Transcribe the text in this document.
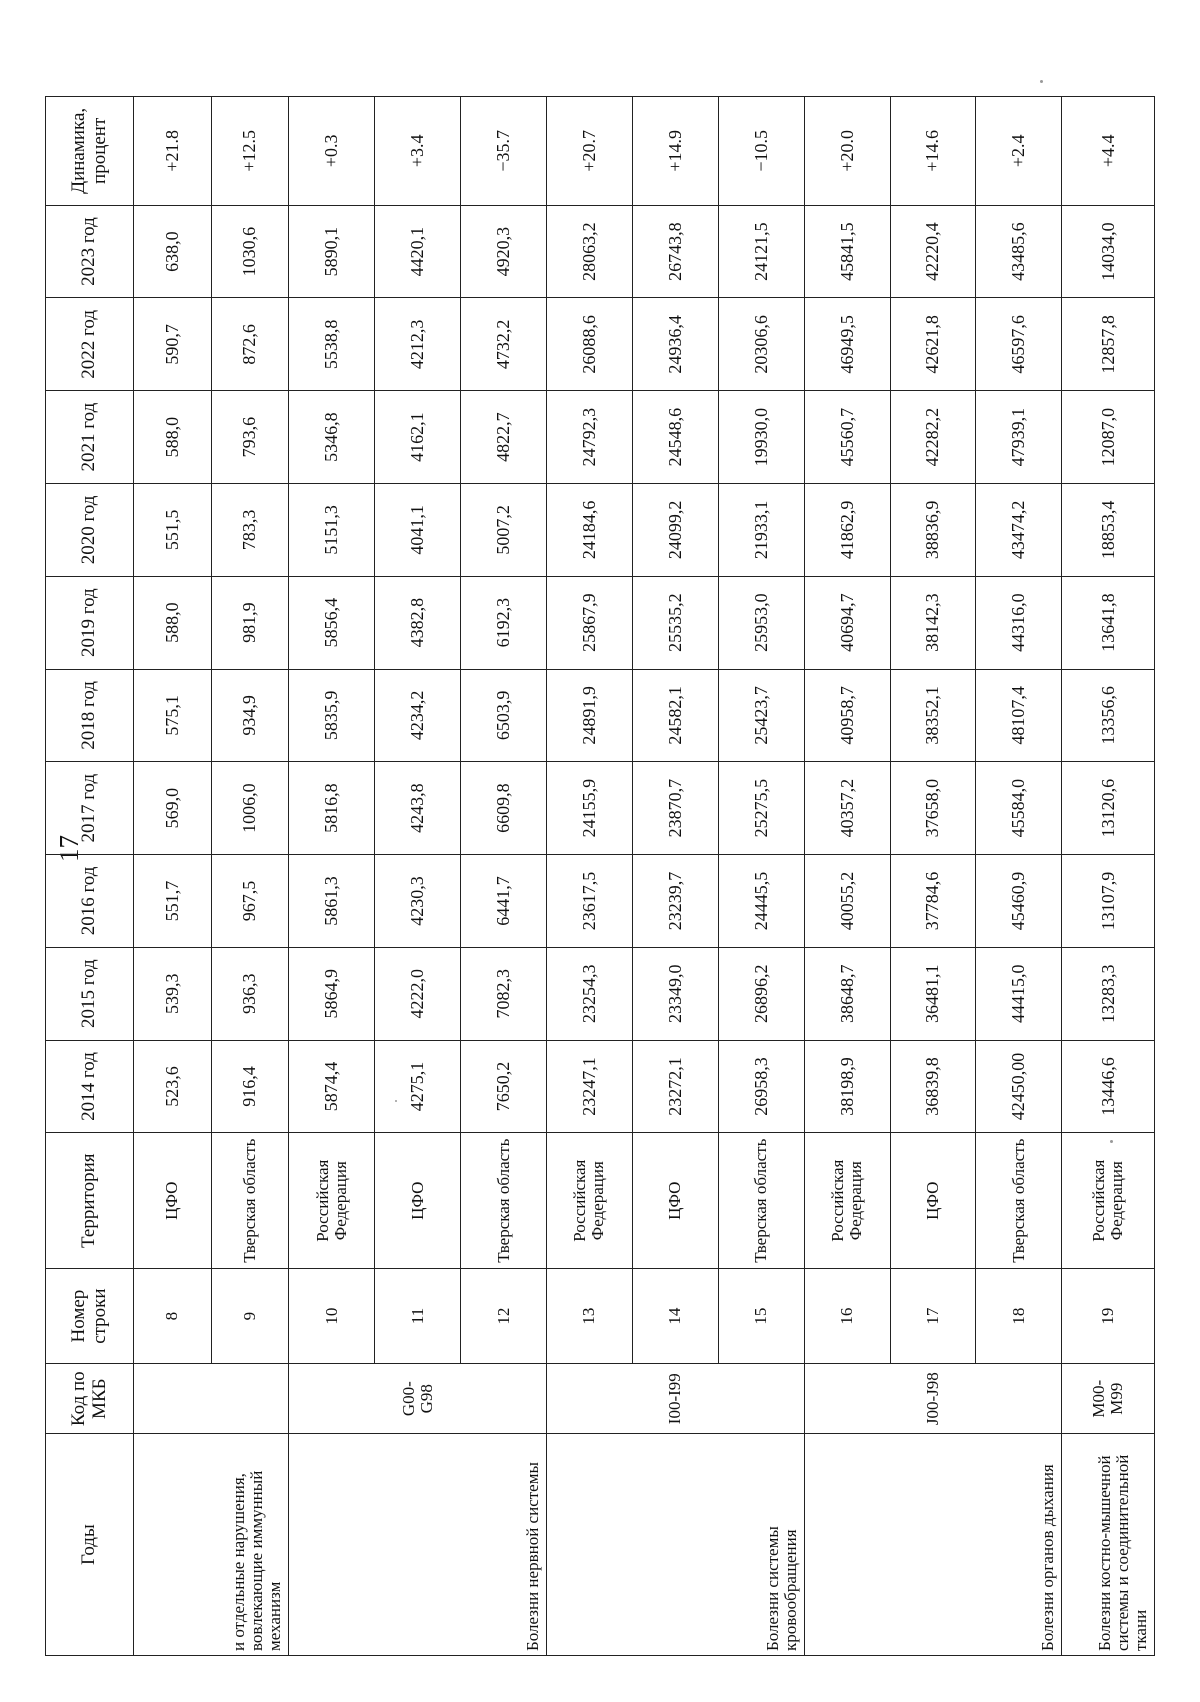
17
Годы	Код по МКБ	Номер строки	Территория	2014 год	2015 год	2016 год	2017 год	2018 год	2019 год	2020 год	2021 год	2022 год	2023 год	Динамика, процент
и отдельные нарушения, вовлекающие иммунный механизм		8	ЦФО	523,6	539,3	551,7	569,0	575,1	588,0	551,5	588,0	590,7	638,0	+21.8
		9	Тверская область	916,4	936,3	967,5	1006,0	934,9	981,9	783,3	793,6	872,6	1030,6	+12.5
Болезни нервной системы	G00-G98	10	Российская Федерация	5874,4	5864,9	5861,3	5816,8	5835,9	5856,4	5151,3	5346,8	5538,8	5890,1	+0.3
		11	ЦФО	4275,1	4222,0	4230,3	4243,8	4234,2	4382,8	4041,1	4162,1	4212,3	4420,1	+3.4
		12	Тверская область	7650,2	7082,3	6441,7	6609,8	6503,9	6192,3	5007,2	4822,7	4732,2	4920,3	−35.7
Болезни системы кровообращения	I00-I99	13	Российская Федерация	23247,1	23254,3	23617,5	24155,9	24891,9	25867,9	24184,6	24792,3	26088,6	28063,2	+20.7
		14	ЦФО	23272,1	23349,0	23239,7	23870,7	24582,1	25535,2	24099,2	24548,6	24936,4	26743,8	+14.9
		15	Тверская область	26958,3	26896,2	24445,5	25275,5	25423,7	25953,0	21933,1	19930,0	20306,6	24121,5	−10.5
Болезни органов дыхания	J00-J98	16	Российская Федерация	38198,9	38648,7	40055,2	40357,2	40958,7	40694,7	41862,9	45560,7	46949,5	45841,5	+20.0
		17	ЦФО	36839,8	36481,1	37784,6	37658,0	38352,1	38142,3	38836,9	42282,2	42621,8	42220,4	+14.6
		18	Тверская область	42450,00	44415,0	45460,9	45584,0	48107,4	44316,0	43474,2	47939,1	46597,6	43485,6	+2.4
Болезни костно-мышечной системы и соединительной ткани	M00-M99	19	Российская Федерация	13446,6	13283,3	13107,9	13120,6	13356,6	13641,8	18853,4	12087,0	12857,8	14034,0	+4.4
